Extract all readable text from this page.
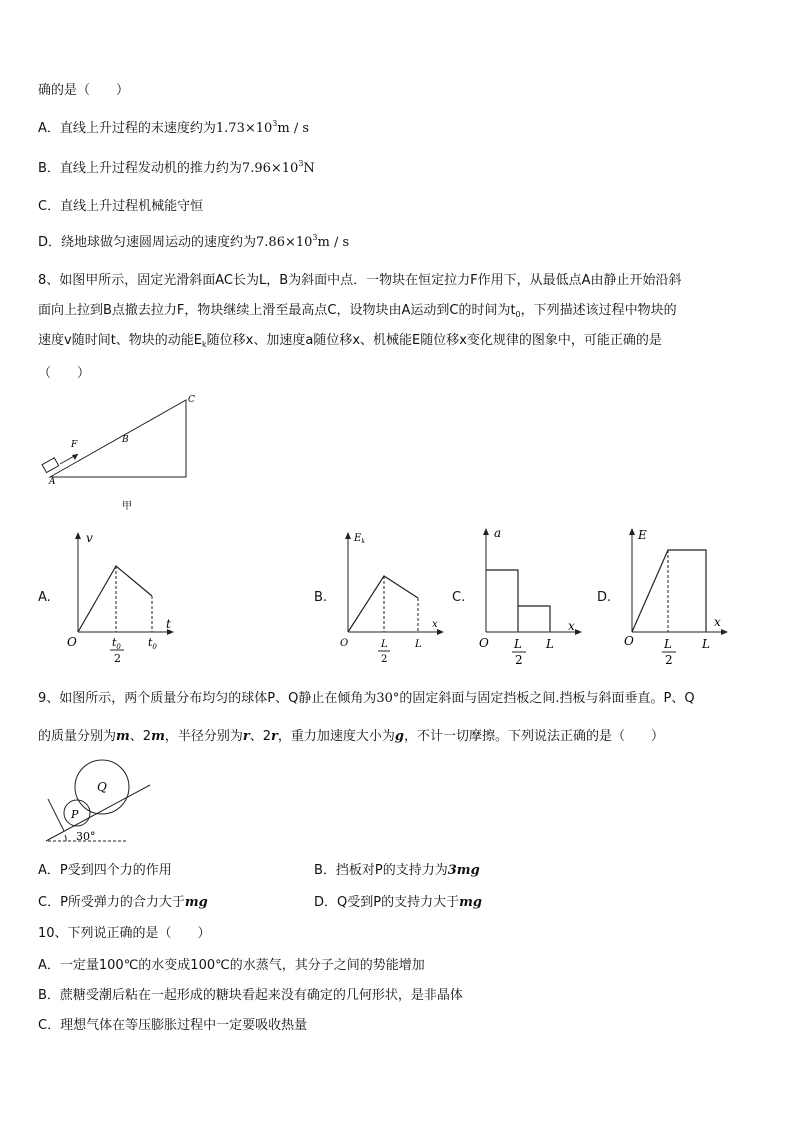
确的是（　　）
A．直线上升过程的末速度约为$1.73\times 10^3m / s$
B．直线上升过程发动机的推力约为$7.96\times 10^3N$
C．直线上升过程机械能守恒
D．绕地球做匀速圆周运动的速度约为$7.86\times 10^3m / s$
8、如图甲所示，固定光滑斜面AC长为L，B为斜面中点．一物块在恒定拉力F作用下，从最低点A由静止开始沿斜
面向上拉到B点撤去拉力F，物块继续上滑至最高点C，设物块由A运动到C的时间为$t_0$，下列描述该过程中物块的
速度v随时间t、物块的动能$E_k$随位移x、加速度a随位移x、机械能E随位移x变化规律的图象中，可能正确的是
（　　）
F	B
C
A
甲
A.
v
t
O	$t_0$
2
$t_0$
B.
$E_k$
x
O	L
2
L
C.
a
x
O L
2
L
D.
E
x
O	L
2
L
9、如图所示，两个质量分布均匀的球体P、Q静止在倾角为30°的固定斜面与固定挡板之间.挡板与斜面垂直。P、Q
的质量分别为m、2m，半径分别为r、2r，重力加速度大小为g，不计一切摩擦。下列说法正确的是（　　）
P
Q
30°
A．P受到四个力的作用	B．挡板对P的支持力为3mg
C．P所受弹力的合力大于mg	D．Q受到P的支持力大于mg
10、下列说正确的是（　　）
A．一定量100℃的水变成100℃的水蒸气，其分子之间的势能增加
B．蔗糖受潮后粘在一起形成的糖块看起来没有确定的几何形状，是非晶体
C．理想气体在等压膨胀过程中一定要吸收热量
